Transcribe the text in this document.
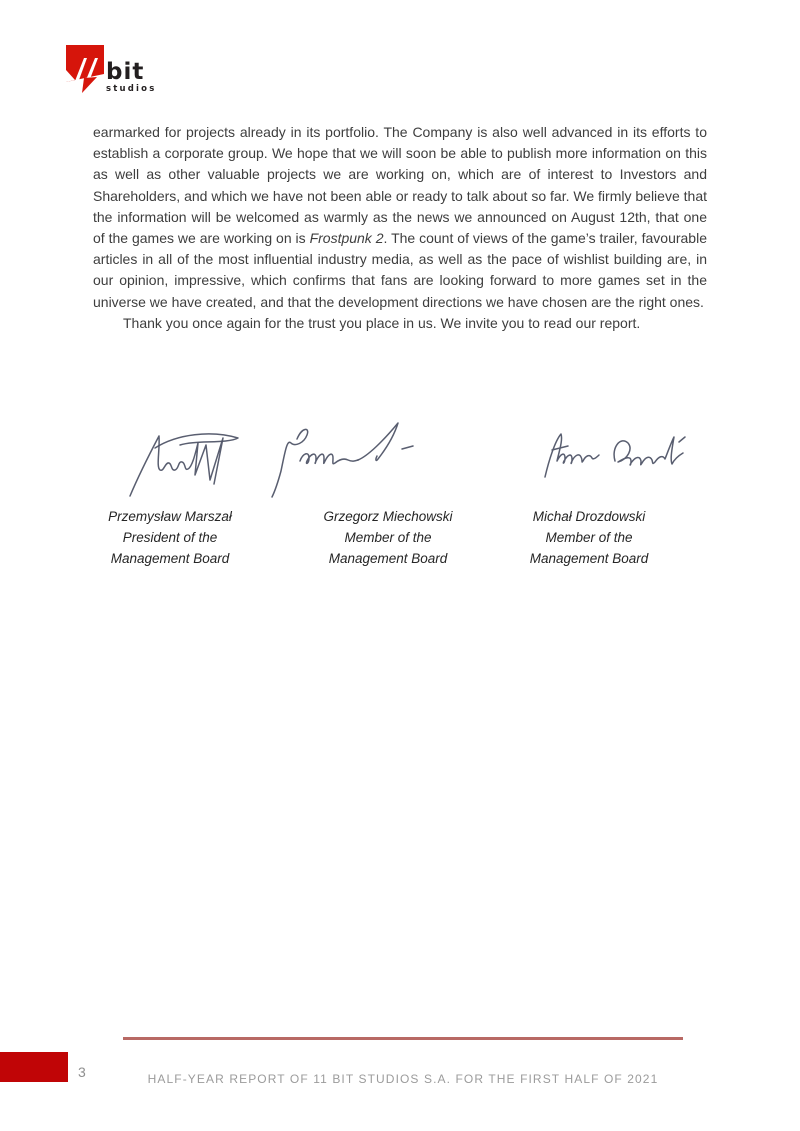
bit
studios

earmarked for projects already in its portfolio. The Company is also well advanced in its efforts to establish a corporate group. We hope that we will soon be able to publish more information on this as well as other valuable projects we are working on, which are of interest to Investors and Shareholders, and which we have not been able or ready to talk about so far. We firmly believe that the information will be welcomed as warmly as the news we announced on August 12th, that one of the games we are working on is Frostpunk 2. The count of views of the game’s trailer, favourable articles in all of the most influential industry media, as well as the pace of wishlist building are, in our opinion, impressive, which confirms that fans are looking forward to more games set in the universe we have created, and that the development directions we have chosen are the right ones.

Thank you once again for the trust you place in us. We invite you to read our report.

Przemysław Marszał
President of the
Management Board
Grzegorz Miechowski
Member of the
Management Board
Michał Drozdowski
Member of the
Management Board
3	HALF-YEAR REPORT OF 11 BIT STUDIOS S.A. FOR THE FIRST HALF OF 2021
